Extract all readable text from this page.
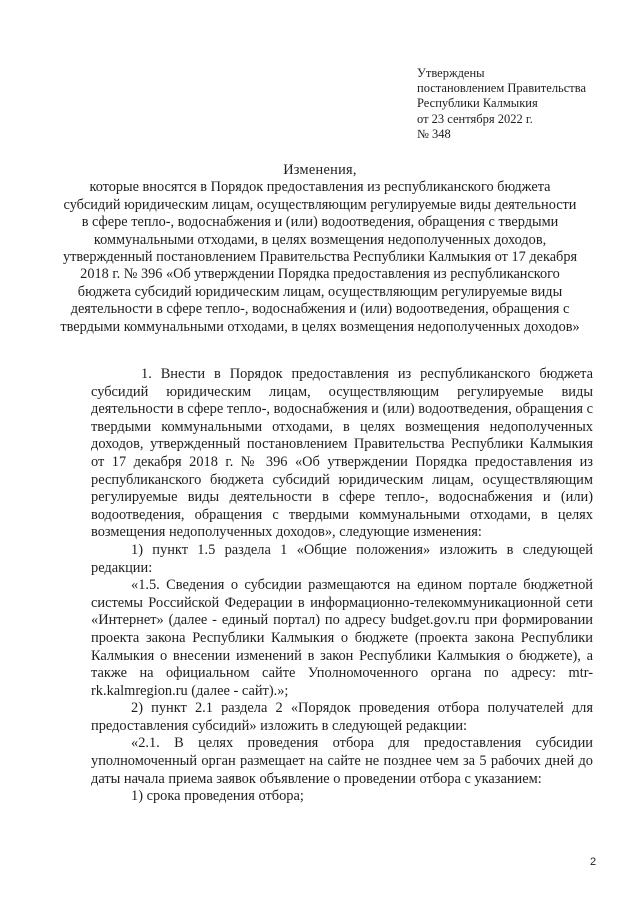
Утверждены
постановлением Правительства
Республики Калмыкия
от 23 сентября 2022 г.
№ 348
Изменения,
которые вносятся в Порядок предоставления из республиканского бюджета субсидий юридическим лицам, осуществляющим регулируемые виды деятельности в сфере тепло-, водоснабжения и (или) водоотведения, обращения с твердыми коммунальными отходами, в целях возмещения недополученных доходов, утвержденный постановлением Правительства Республики Калмыкия от 17 декабря 2018 г. № 396 «Об утверждении Порядка предоставления из республиканского бюджета субсидий юридическим лицам, осуществляющим регулируемые виды деятельности в сфере тепло-, водоснабжения и (или) водоотведения, обращения с твердыми коммунальными отходами, в целях возмещения недополученных доходов»

1. Внести в Порядок предоставления из республиканского бюджета субсидий юридическим лицам, осуществляющим регулируемые виды деятельности в сфере тепло-, водоснабжения и (или) водоотведения, обращения с твердыми коммунальными отходами, в целях возмещения недополученных доходов, утвержденный постановлением Правительства Республики Калмыкия от 17 декабря 2018 г. № 396 «Об утверждении Порядка предоставления из республиканского бюджета субсидий юридическим лицам, осуществляющим регулируемые виды деятельности в сфере тепло-, водоснабжения и (или) водоотведения, обращения с твердыми коммунальными отходами, в целях возмещения недополученных доходов», следующие изменения:

1) пункт 1.5 раздела 1 «Общие положения» изложить в следующей редакции:

«1.5. Сведения о субсидии размещаются на едином портале бюджетной системы Российской Федерации в информационно-телекоммуникационной сети «Интернет» (далее - единый портал) по адресу budget.gov.ru при формировании проекта закона Республики Калмыкия о бюджете (проекта закона Республики Калмыкия о внесении изменений в закон Республики Калмыкия о бюджете), а также на официальном сайте Уполномоченного органа по адресу: mtr-rk.kalmregion.ru (далее - сайт).»;

2) пункт 2.1 раздела 2 «Порядок проведения отбора получателей для предоставления субсидий» изложить в следующей редакции:

«2.1. В целях проведения отбора для предоставления субсидии уполномоченный орган размещает на сайте не позднее чем за 5 рабочих дней до даты начала приема заявок объявление о проведении отбора с указанием:

1) срока проведения отбора;

2
